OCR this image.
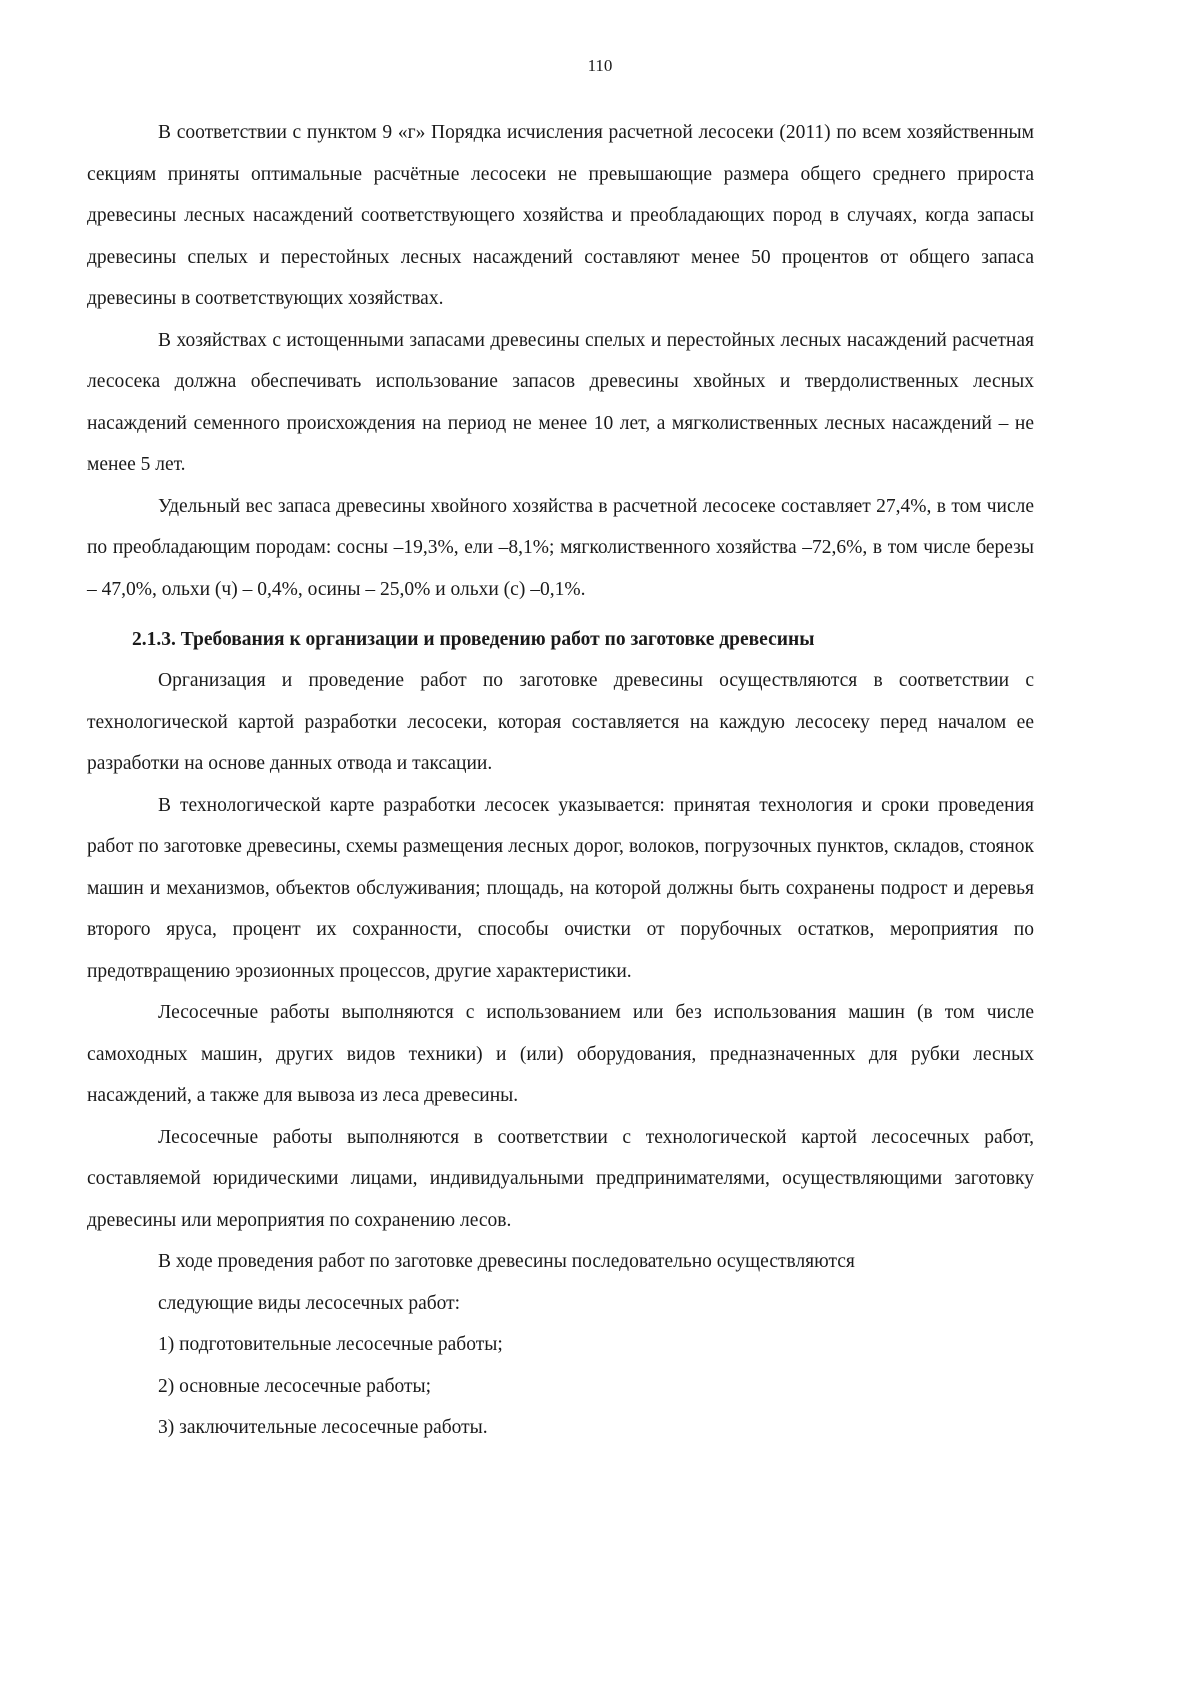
110

В соответствии с пунктом 9 «г» Порядка исчисления расчетной лесосеки (2011) по всем хозяйственным секциям приняты оптимальные расчётные лесосеки не превышающие размера общего среднего прироста древесины лесных насаждений соответствующего хозяйства и преобладающих пород в случаях, когда запасы древесины спелых и перестойных лесных насаждений составляют менее 50 процентов от общего запаса древесины в соответствующих хозяйствах.

В хозяйствах с истощенными запасами древесины спелых и перестойных лесных насаждений расчетная лесосека должна обеспечивать использование запасов древесины хвойных и твердолиственных лесных насаждений семенного происхождения на период не менее 10 лет, а мягколиственных лесных насаждений – не менее 5 лет.

Удельный вес запаса древесины хвойного хозяйства в расчетной лесосеке составляет 27,4%, в том числе по преобладающим породам: сосны –19,3%, ели –8,1%; мягколиственного хозяйства –72,6%, в том числе березы – 47,0%, ольхи (ч) – 0,4%, осины – 25,0% и ольхи (с) –0,1%.

2.1.3. Требования к организации и проведению работ по заготовке древесины

Организация и проведение работ по заготовке древесины осуществляются в соответствии с технологической картой разработки лесосеки, которая составляется на каждую лесосеку перед началом ее разработки на основе данных отвода и таксации.

В технологической карте разработки лесосек указывается: принятая технология и сроки проведения работ по заготовке древесины, схемы размещения лесных дорог, волоков, погрузочных пунктов, складов, стоянок машин и механизмов, объектов обслуживания; площадь, на которой должны быть сохранены подрост и деревья второго яруса, процент их сохранности, способы очистки от порубочных остатков, мероприятия по предотвращению эрозионных процессов, другие характеристики.

Лесосечные работы выполняются с использованием или без использования машин (в том числе самоходных машин, других видов техники) и (или) оборудования, предназначенных для рубки лесных насаждений, а также для вывоза из леса древесины.

Лесосечные работы выполняются в соответствии с технологической картой лесосечных работ, составляемой юридическими лицами, индивидуальными предпринимателями, осуществляющими заготовку древесины или мероприятия по сохранению лесов.

В ходе проведения работ по заготовке древесины последовательно осуществляются

следующие виды лесосечных работ:

1) подготовительные лесосечные работы;

2) основные лесосечные работы;

3) заключительные лесосечные работы.
